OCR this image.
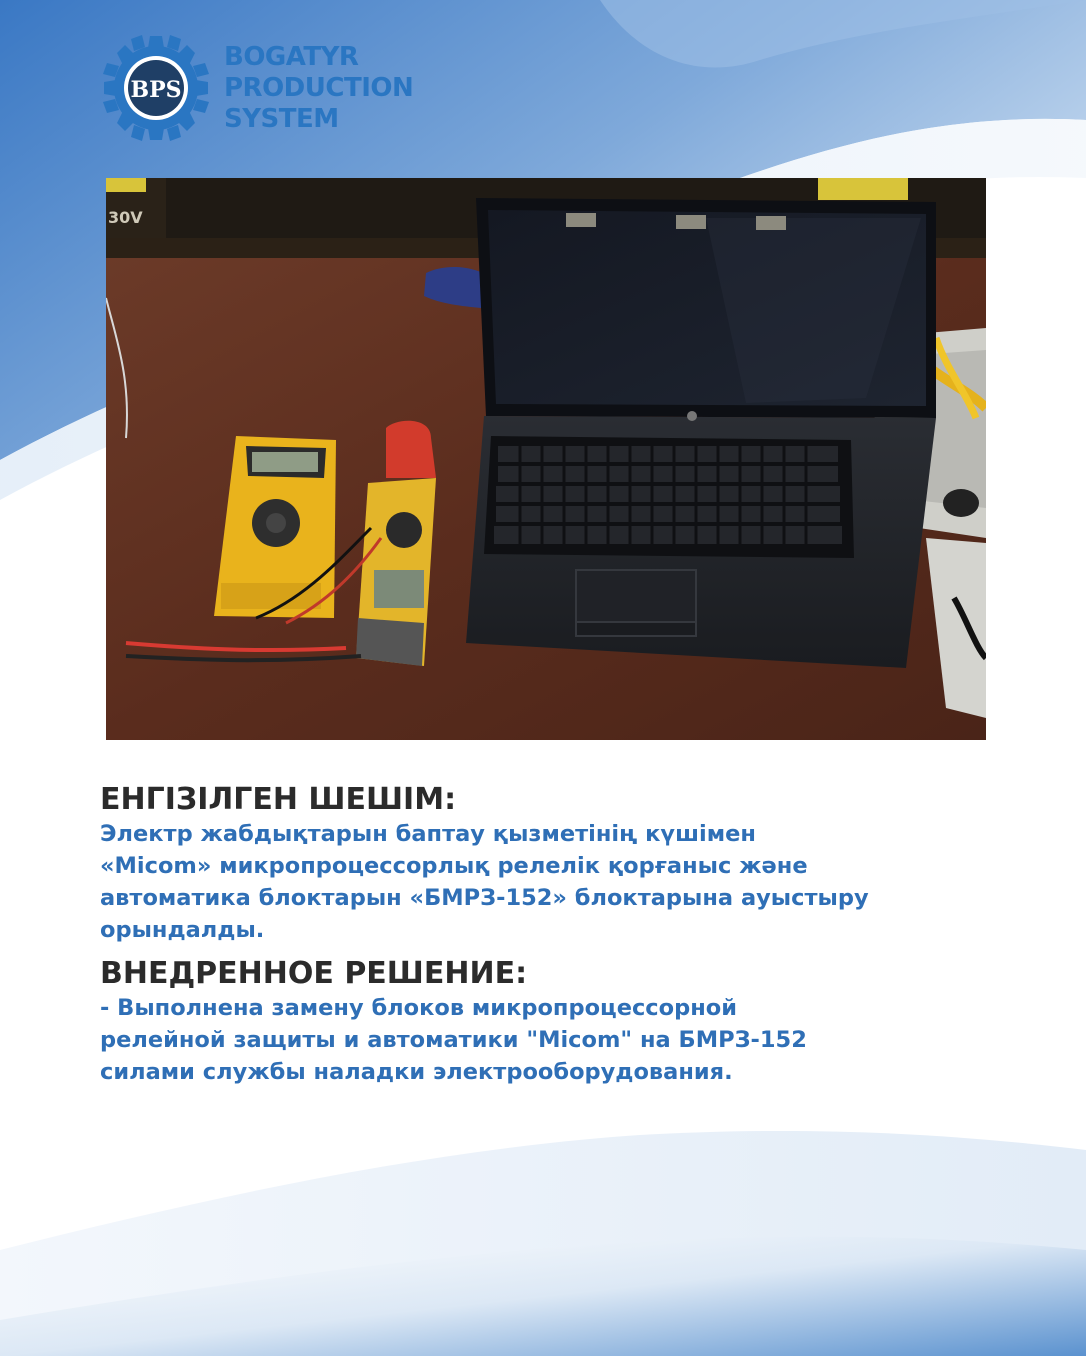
BPS
BOGATYR
PRODUCTION
SYSTEM
30V
ЕНГІЗІЛГЕН ШЕШІМ:
Электр жабдықтарын баптау қызметінің күшімен
«Micom» микропроцессорлық релелік қорғаныс және
автоматика блоктарын «БМРЗ-152» блоктарына ауыстыру
орындалды.
ВНЕДРЕННОЕ РЕШЕНИЕ:
- Выполнена замену блоков микропроцессорной
релейной защиты и автоматики "Micom" на БМРЗ-152
силами службы наладки электрооборудования.
